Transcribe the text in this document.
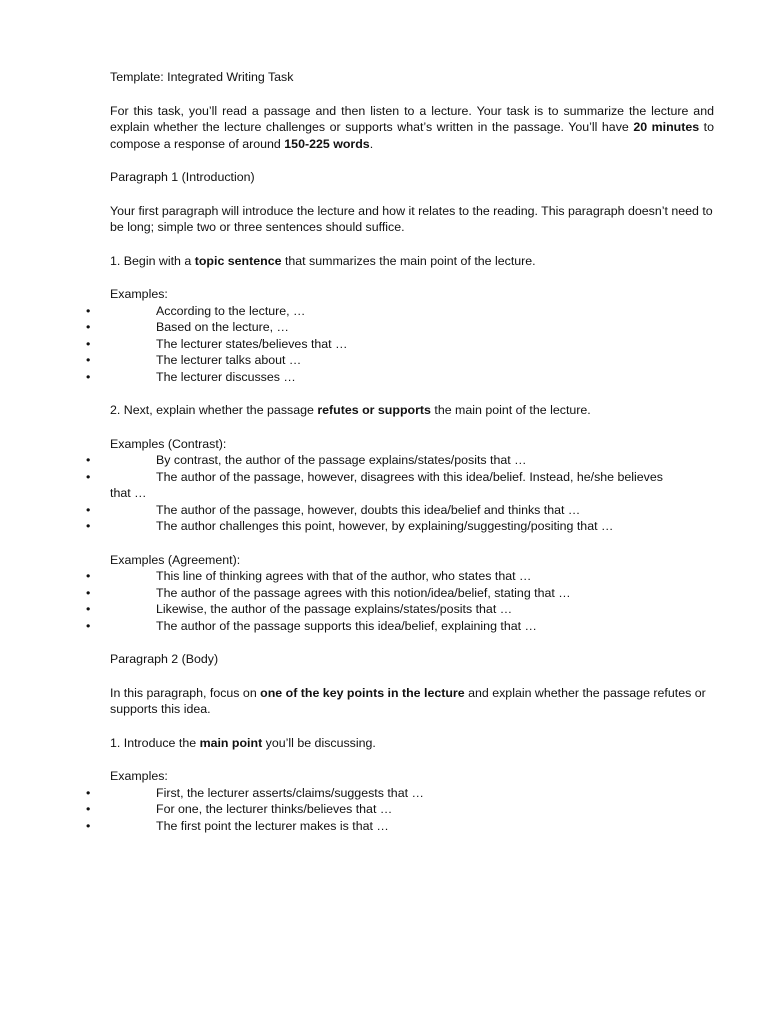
Template: Integrated Writing Task

For this task, you’ll read a passage and then listen to a lecture. Your task is to summarize the lecture and explain whether the lecture challenges or supports what’s written in the passage. You’ll have 20 minutes to compose a response of around 150-225 words.

Paragraph 1 (Introduction)

Your first paragraph will introduce the lecture and how it relates to the reading. This paragraph doesn’t need to be long; simple two or three sentences should suffice.

1. Begin with a topic sentence that summarizes the main point of the lecture.

Examples:

• According to the lecture, …
• Based on the lecture, …
• The lecturer states/believes that …
• The lecturer talks about …
• The lecturer discusses …

2. Next, explain whether the passage refutes or supports the main point of the lecture.

Examples (Contrast):

• By contrast, the author of the passage explains/states/posits that …
• The author of the passage, however, disagrees with this idea/belief. Instead, he/she believes
that …
• The author of the passage, however, doubts this idea/belief and thinks that …
• The author challenges this point, however, by explaining/suggesting/positing that …

Examples (Agreement):

• This line of thinking agrees with that of the author, who states that …
• The author of the passage agrees with this notion/idea/belief, stating that …
• Likewise, the author of the passage explains/states/posits that …
• The author of the passage supports this idea/belief, explaining that …

Paragraph 2 (Body)

In this paragraph, focus on one of the key points in the lecture and explain whether the passage refutes or supports this idea.

1. Introduce the main point you’ll be discussing.

Examples:

• First, the lecturer asserts/claims/suggests that …
• For one, the lecturer thinks/believes that …
• The first point the lecturer makes is that …
